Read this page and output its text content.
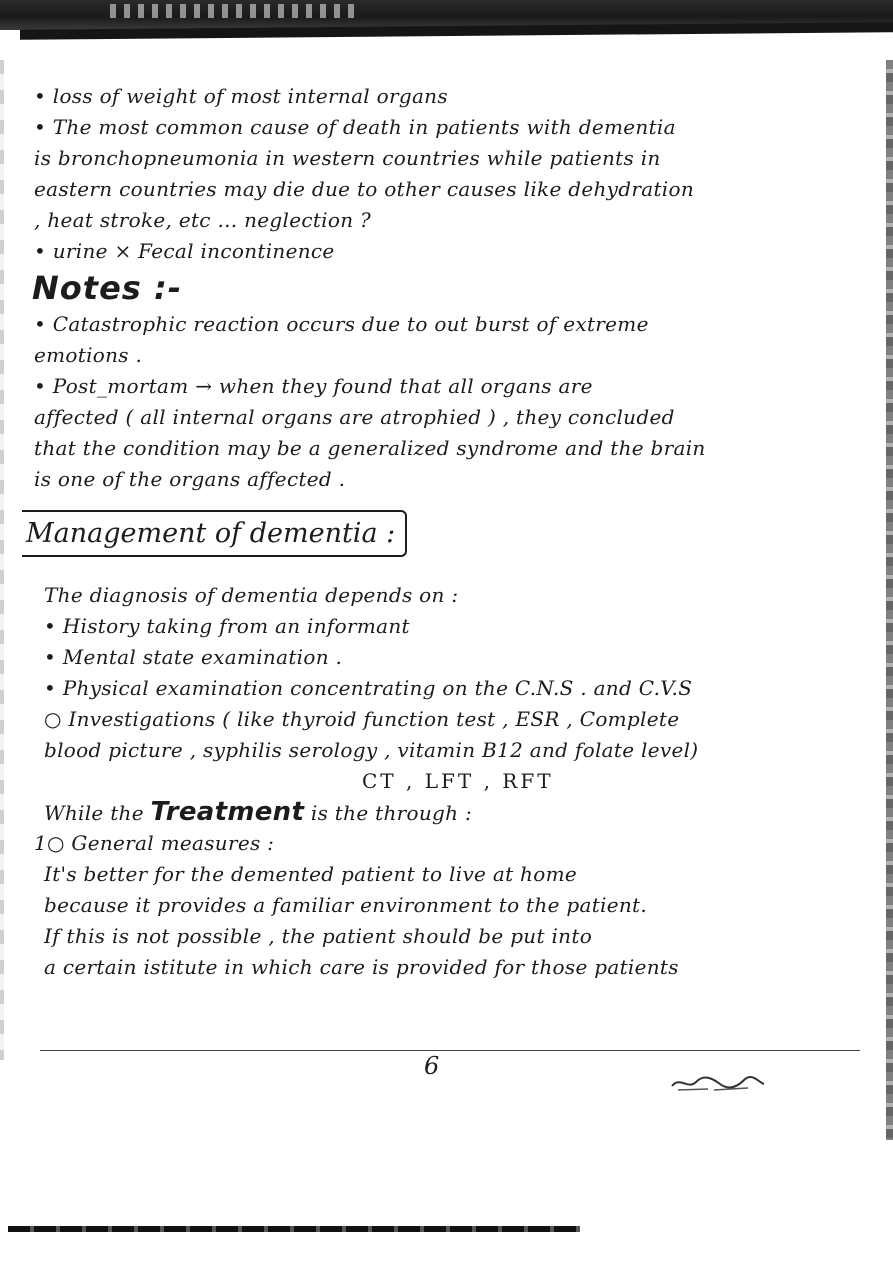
• loss of weight of most internal organs
• The most common cause of death in patients with dementia
is bronchopneumonia in western countries while patients in
eastern countries may die due to other causes like dehydration
, heat stroke, etc ... neglection ?
• urine × Fecal incontinence
Notes :-
• Catastrophic reaction occurs due to out burst of extreme
emotions .
• Post_mortam → when they found that all organs are
affected ( all internal organs are atrophied ) , they concluded
that the condition may be a generalized syndrome and the brain
is one of the organs affected .
Management of dementia :
The diagnosis of dementia depends on :
• History taking from an informant
• Mental state examination .
• Physical examination concentrating on the C.N.S . and C.V.S
○ Investigations ( like thyroid function test , ESR , Complete
blood picture , syphilis serology , vitamin B12 and folate level)
CT , LFT , RFT
While the Treatment is the through :
1○ General measures :
It's better for the demented patient to live at home
because it provides a familiar environment to the patient.
If this is not possible , the patient should be put into
a certain istitute in which care is provided for those patients
6
